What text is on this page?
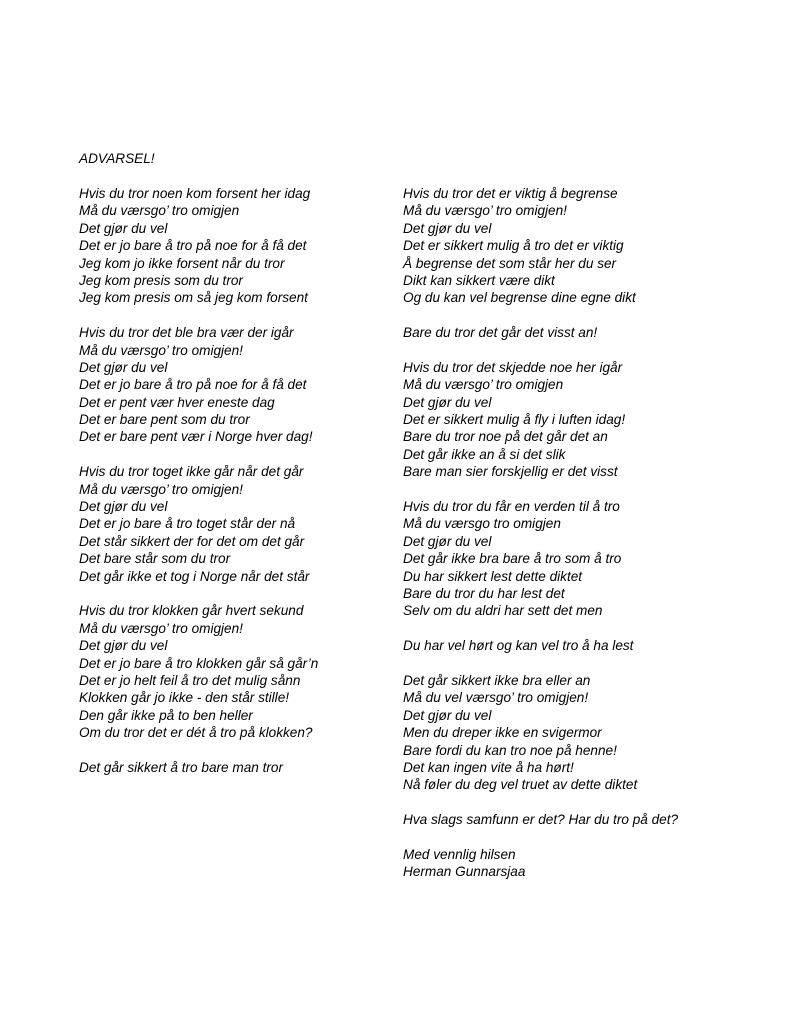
ADVARSEL!
Hvis du tror noen kom forsent her idag
Må du værsgo’ tro omigjen
Det gjør du vel
Det er jo bare å tro på noe for å få det
Jeg kom jo ikke forsent når du tror
Jeg kom presis som du tror
Jeg kom presis om så jeg kom forsent
Hvis du tror det ble bra vær der igår
Må du værsgo’ tro omigjen!
Det gjør du vel
Det er jo bare å tro på noe for å få det
Det er pent vær hver eneste dag
Det er bare pent som du tror
Det er bare pent vær i Norge hver dag!
Hvis du tror toget ikke går når det går
Må du værsgo’ tro omigjen!
Det gjør du vel
Det er jo bare å tro toget står der nå
Det står sikkert der for det om det går
Det bare står som du tror
Det går ikke et tog i Norge når det står
Hvis du tror klokken går hvert sekund
Må du værsgo’ tro omigjen!
Det gjør du vel
Det er jo bare å tro klokken går så går’n
Det er jo helt feil å tro det mulig sånn
Klokken går jo ikke - den står stille!
Den går ikke på to ben heller
Om du tror det er dét å tro på klokken?
Det går sikkert å tro bare man tror
Hvis du tror det er viktig å begrense
Må du værsgo’ tro omigjen!
Det gjør du vel
Det er sikkert mulig å tro det er viktig
Å begrense det som står her du ser
Dikt kan sikkert være dikt
Og du kan vel begrense dine egne dikt
Bare du tror det går det visst an!
Hvis du tror det skjedde noe her igår
Må du værsgo’ tro omigjen
Det gjør du vel
Det er sikkert mulig å fly i luften idag!
Bare du tror noe på det går det an
Det går ikke an å si det slik
Bare man sier forskjellig er det visst
Hvis du tror du får en verden til å tro
Må du værsgo tro omigjen
Det gjør du vel
Det går ikke bra bare å tro som å tro
Du har sikkert lest dette diktet
Bare du tror du har lest det
Selv om du aldri har sett det men
Du har vel hørt og kan vel tro å ha lest
Det går sikkert ikke bra eller an
Må du vel værsgo’ tro omigjen!
Det gjør du vel
Men du dreper ikke en svigermor
Bare fordi du kan tro noe på henne!
Det kan ingen vite å ha hørt!
Nå føler du deg vel truet av dette diktet
Hva slags samfunn er det? Har du tro på det?
Med vennlig hilsen
Herman Gunnarsjaa
